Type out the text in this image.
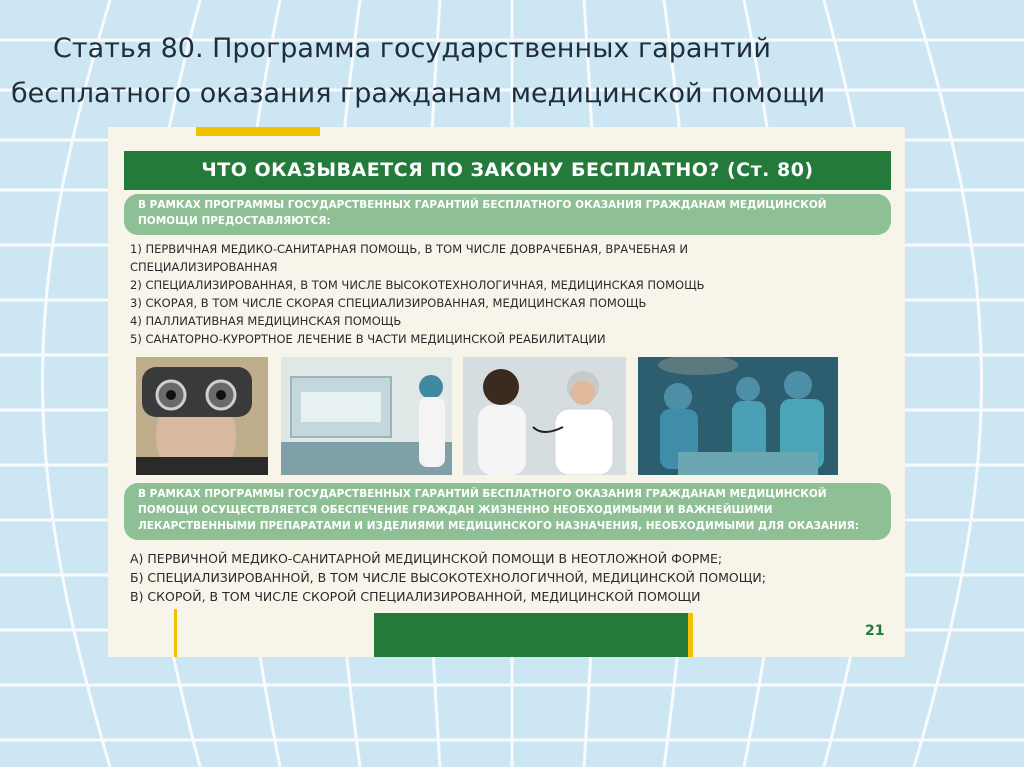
Статья 80. Программа государственных гарантий
бесплатного оказания гражданам медицинской помощи
ЧТО ОКАЗЫВАЕТСЯ ПО ЗАКОНУ БЕСПЛАТНО? (Ст. 80)
В РАМКАХ ПРОГРАММЫ ГОСУДАРСТВЕННЫХ ГАРАНТИЙ БЕСПЛАТНОГО ОКАЗАНИЯ ГРАЖДАНАМ МЕДИЦИНСКОЙ ПОМОЩИ ПРЕДОСТАВЛЯЮТСЯ:
1) ПЕРВИЧНАЯ МЕДИКО-САНИТАРНАЯ ПОМОЩЬ, В ТОМ ЧИСЛЕ ДОВРАЧЕБНАЯ, ВРАЧЕБНАЯ И
СПЕЦИАЛИЗИРОВАННАЯ
2) СПЕЦИАЛИЗИРОВАННАЯ, В ТОМ ЧИСЛЕ ВЫСОКОТЕХНОЛОГИЧНАЯ, МЕДИЦИНСКАЯ ПОМОЩЬ
3) СКОРАЯ, В ТОМ ЧИСЛЕ СКОРАЯ СПЕЦИАЛИЗИРОВАННАЯ, МЕДИЦИНСКАЯ ПОМОЩЬ
4) ПАЛЛИАТИВНАЯ МЕДИЦИНСКАЯ ПОМОЩЬ
5) САНАТОРНО-КУРОРТНОЕ ЛЕЧЕНИЕ В ЧАСТИ МЕДИЦИНСКОЙ РЕАБИЛИТАЦИИ
В РАМКАХ ПРОГРАММЫ ГОСУДАРСТВЕННЫХ ГАРАНТИЙ БЕСПЛАТНОГО ОКАЗАНИЯ ГРАЖДАНАМ МЕДИЦИНСКОЙ ПОМОЩИ ОСУЩЕСТВЛЯЕТСЯ ОБЕСПЕЧЕНИЕ ГРАЖДАН ЖИЗНЕННО НЕОБХОДИМЫМИ И ВАЖНЕЙШИМИ ЛЕКАРСТВЕННЫМИ ПРЕПАРАТАМИ И ИЗДЕЛИЯМИ МЕДИЦИНСКОГО НАЗНАЧЕНИЯ, НЕОБХОДИМЫМИ ДЛЯ ОКАЗАНИЯ:
А) ПЕРВИЧНОЙ МЕДИКО-САНИТАРНОЙ МЕДИЦИНСКОЙ ПОМОЩИ В НЕОТЛОЖНОЙ ФОРМЕ;
Б) СПЕЦИАЛИЗИРОВАННОЙ, В ТОМ ЧИСЛЕ ВЫСОКОТЕХНОЛОГИЧНОЙ, МЕДИЦИНСКОЙ ПОМОЩИ;
В) СКОРОЙ, В ТОМ ЧИСЛЕ СКОРОЙ СПЕЦИАЛИЗИРОВАННОЙ, МЕДИЦИНСКОЙ ПОМОЩИ
21
